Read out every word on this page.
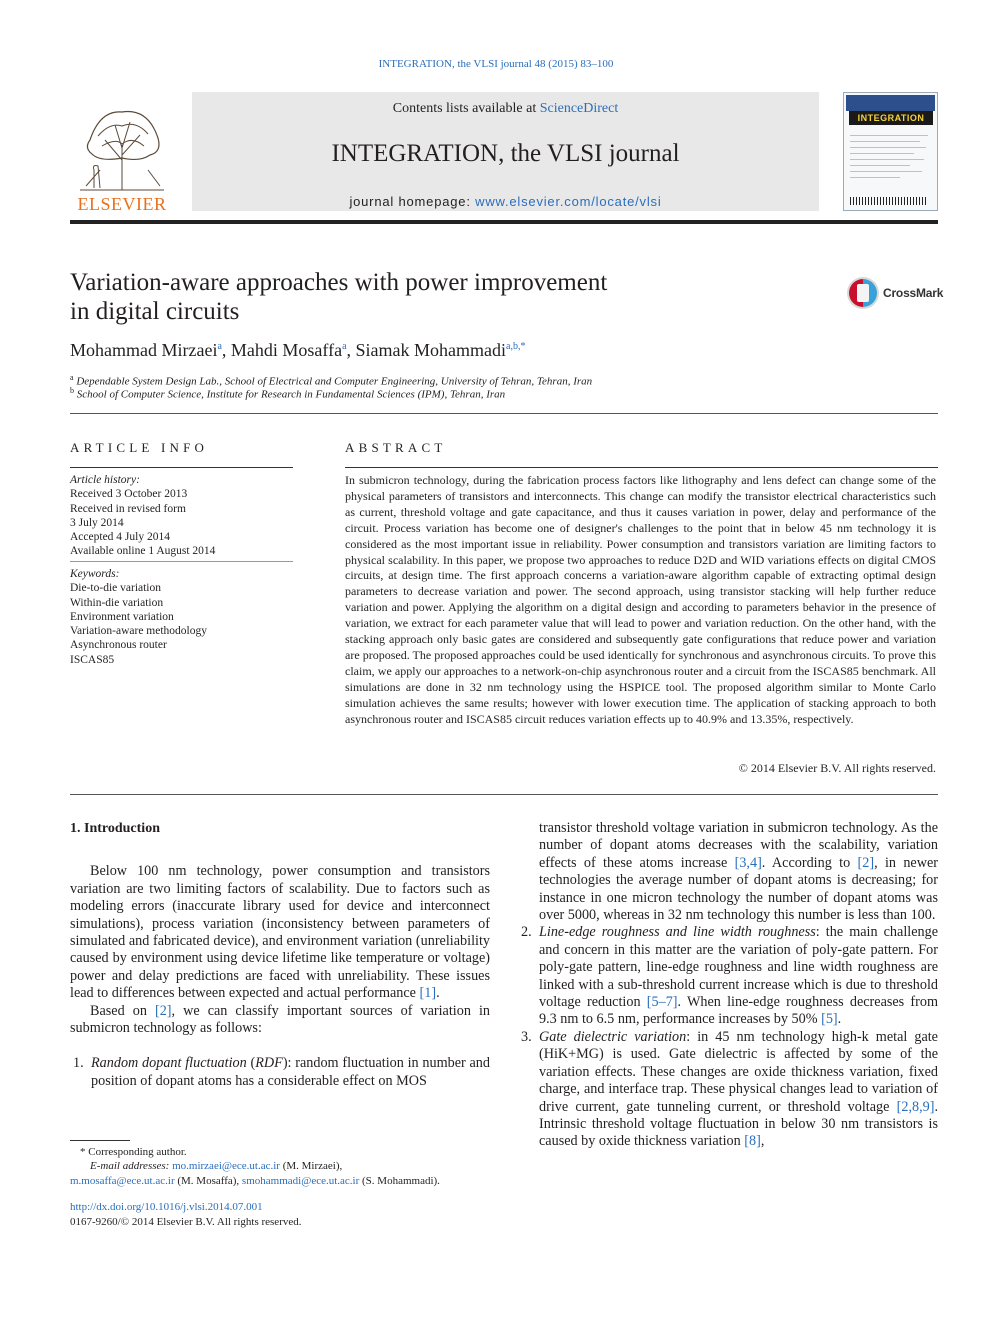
INTEGRATION, the VLSI journal 48 (2015) 83–100
ELSEVIER
Contents lists available at ScienceDirect
INTEGRATION, the VLSI journal
journal homepage: www.elsevier.com/locate/vlsi
INTEGRATION
Variation-aware approaches with power improvement
in digital circuits
CrossMark
Mohammad Mirzaei$^a$, Mahdi Mosaffa$^a$, Siamak Mohammadi$^{a,b,*}$
$^a$ Dependable System Design Lab., School of Electrical and Computer Engineering, University of Tehran, Tehran, Iran
$^b$ School of Computer Science, Institute for Research in Fundamental Sciences (IPM), Tehran, Iran
ARTICLE INFO	ABSTRACT
Article history:
Received 3 October 2013
Received in revised form
3 July 2014
Accepted 4 July 2014
Available online 1 August 2014
Keywords:
Die-to-die variation
Within-die variation
Environment variation
Variation-aware methodology
Asynchronous router
ISCAS85
In submicron technology, during the fabrication process factors like lithography and lens defect can change some of the physical parameters of transistors and interconnects. This change can modify the transistor electrical characteristics such as current, threshold voltage and gate capacitance, and thus it causes variation in power, delay and performance of the circuit. Process variation has become one of designer's challenges to the point that in below 45 nm technology it is considered as the most important issue in reliability. Power consumption and transistors variation are limiting factors to physical scalability. In this paper, we propose two approaches to reduce D2D and WID variations effects on digital CMOS circuits, at design time. The first approach concerns a variation-aware algorithm capable of extracting optimal design parameters to decrease variation and power. The second approach, using transistor stacking will help further reduce variation and power. Applying the algorithm on a digital design and according to parameters behavior in the presence of variation, we extract for each parameter value that will lead to power and variation reduction. On the other hand, with the stacking approach only basic gates are considered and subsequently gate configurations that reduce power and variation are proposed. The proposed approaches could be used identically for synchronous and asynchronous circuits. To prove this claim, we apply our approaches to a network-on-chip asynchronous router and a circuit from the ISCAS85 benchmark. All simulations are done in 32 nm technology using the HSPICE tool. The proposed algorithm similar to Monte Carlo simulation achieves the same results; however with lower execution time. The application of stacking approach to both asynchronous router and ISCAS85 circuit reduces variation effects up to 40.9% and 13.35%, respectively.
© 2014 Elsevier B.V. All rights reserved.
1. Introduction

Below 100 nm technology, power consumption and transistors variation are two limiting factors of scalability. Due to factors such as modeling errors (inaccurate library used for device and interconnect simulations), process variation (inconsistency between parameters of simulated and fabricated device), and environment variation (unreliability caused by environment using device lifetime like temperature or voltage) power and delay predictions are faced with unreliability. These issues lead to differences between expected and actual performance [1].

Based on [2], we can classify important sources of variation in submicron technology as follows:

1. Random dopant fluctuation (RDF): random fluctuation in number and position of dopant atoms has a considerable effect on MOS
transistor threshold voltage variation in submicron technology. As the number of dopant atoms decreases with the scalability, variation effects of these atoms increase [3,4]. According to [2], in newer technologies the average number of dopant atoms is decreasing; for instance in one micron technology the number of dopant atoms was over 5000, whereas in 32 nm technology this number is less than 100.
2. Line-edge roughness and line width roughness: the main challenge and concern in this matter are the variation of poly-gate pattern. For poly-gate pattern, line-edge roughness and line width roughness are linked with a sub-threshold current increase which is due to threshold voltage reduction [5–7]. When line-edge roughness decreases from 9.3 nm to 6.5 nm, performance increases by 50% [5].
3. Gate dielectric variation: in 45 nm technology high-k metal gate (HiK+MG) is used. Gate dielectric is affected by some of the variation effects. These changes are oxide thickness variation, fixed charge, and interface trap. These physical changes lead to variation of drive current, gate tunneling current, or threshold voltage [2,8,9]. Intrinsic threshold voltage fluctuation in below 30 nm transistors is caused by oxide thickness variation [8],
* Corresponding author.
E-mail addresses: mo.mirzaei@ece.ut.ac.ir (M. Mirzaei),
m.mosaffa@ece.ut.ac.ir (M. Mosaffa), smohammadi@ece.ut.ac.ir (S. Mohammadi).
http://dx.doi.org/10.1016/j.vlsi.2014.07.001
0167-9260/© 2014 Elsevier B.V. All rights reserved.
